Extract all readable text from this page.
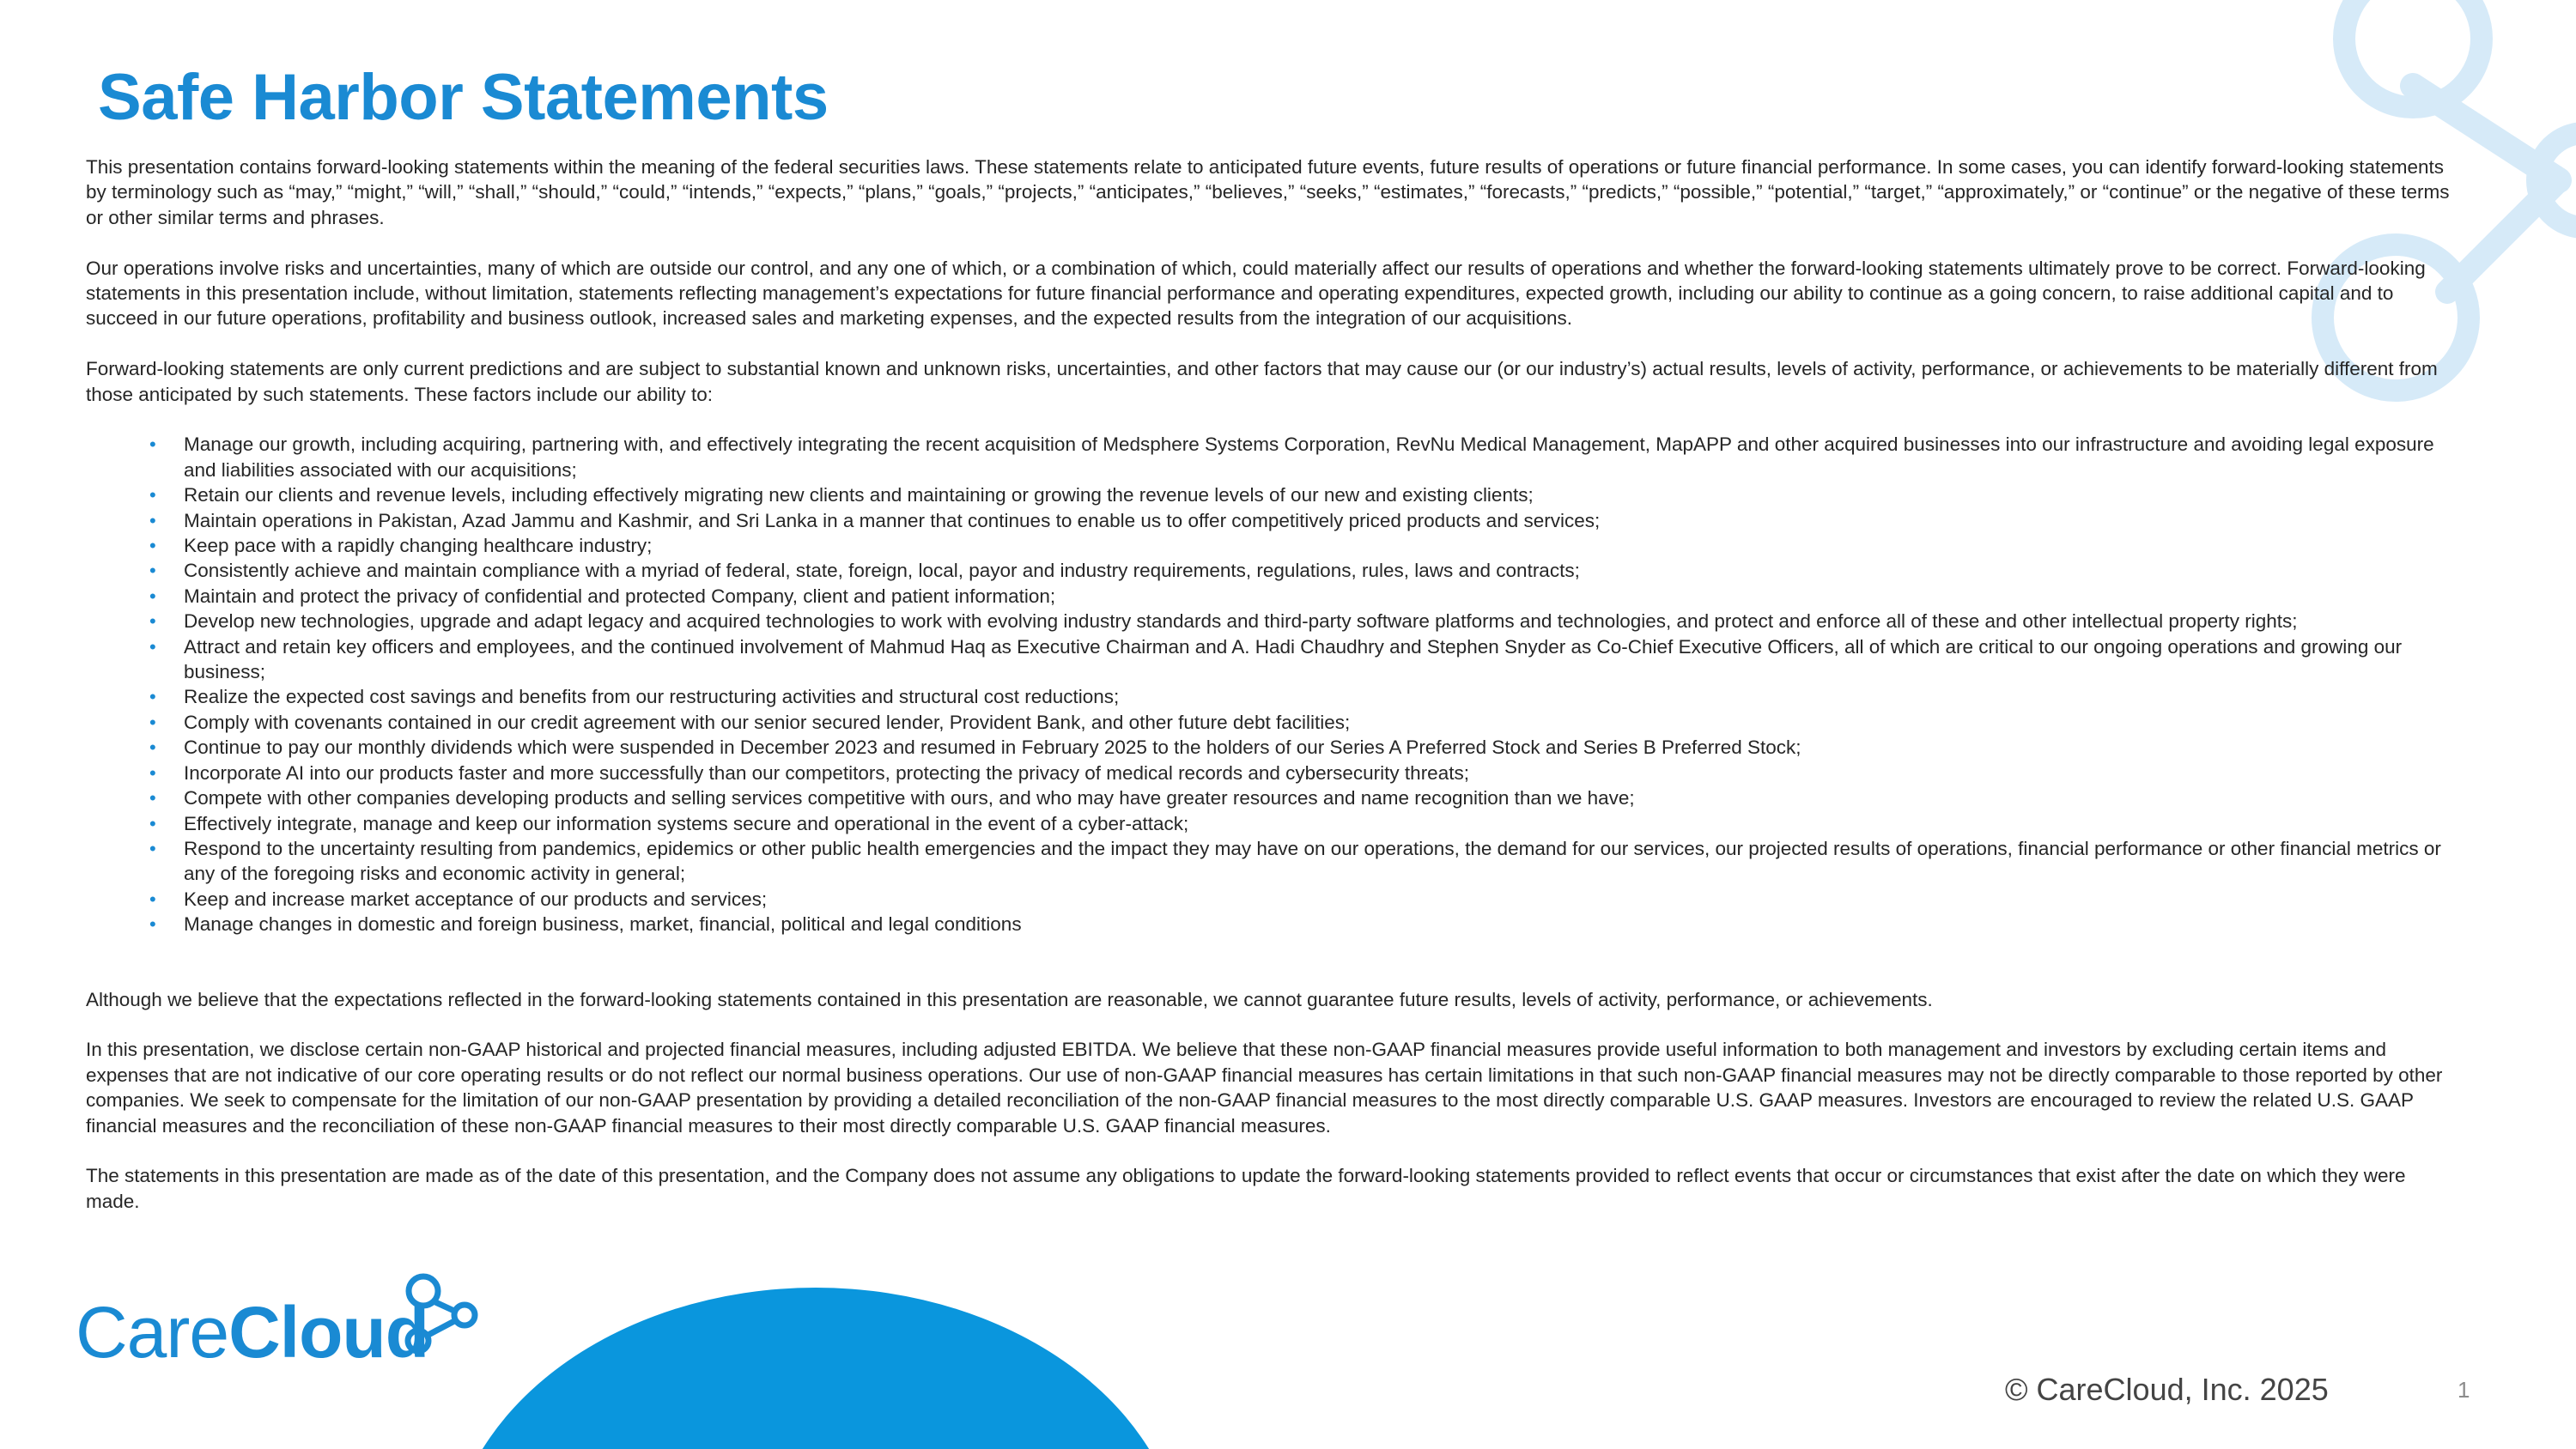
Safe Harbor Statements

This presentation contains forward-looking statements within the meaning of the federal securities laws. These statements relate to anticipated future events, future results of operations or future financial performance. In some cases, you can identify forward-looking statements by terminology such as “may,” “might,” “will,” “shall,” “should,” “could,” “intends,” “expects,” “plans,” “goals,” “projects,” “anticipates,” “believes,” “seeks,” “estimates,” “forecasts,” “predicts,” “possible,” “potential,” “target,” “approximately,” or “continue” or the negative of these terms or other similar terms and phrases.

Our operations involve risks and uncertainties, many of which are outside our control, and any one of which, or a combination of which, could materially affect our results of operations and whether the forward-looking statements ultimately prove to be correct. Forward-looking statements in this presentation include, without limitation, statements reflecting management’s expectations for future financial performance and operating expenditures, expected growth, including our ability to continue as a going concern, to raise additional capital and to succeed in our future operations, profitability and business outlook, increased sales and marketing expenses, and the expected results from the integration of our acquisitions.

Forward-looking statements are only current predictions and are subject to substantial known and unknown risks, uncertainties, and other factors that may cause our (or our industry’s) actual results, levels of activity, performance, or achievements to be materially different from those anticipated by such statements. These factors include our ability to:

• Manage our growth, including acquiring, partnering with, and effectively integrating the recent acquisition of Medsphere Systems Corporation, RevNu Medical Management, MapAPP and other acquired businesses into our infrastructure and avoiding legal exposure and liabilities associated with our acquisitions;
• Retain our clients and revenue levels, including effectively migrating new clients and maintaining or growing the revenue levels of our new and existing clients;
• Maintain operations in Pakistan, Azad Jammu and Kashmir, and Sri Lanka in a manner that continues to enable us to offer competitively priced products and services;
• Keep pace with a rapidly changing healthcare industry;
• Consistently achieve and maintain compliance with a myriad of federal, state, foreign, local, payor and industry requirements, regulations, rules, laws and contracts;
• Maintain and protect the privacy of confidential and protected Company, client and patient information;
• Develop new technologies, upgrade and adapt legacy and acquired technologies to work with evolving industry standards and third-party software platforms and technologies, and protect and enforce all of these and other intellectual property rights;
• Attract and retain key officers and employees, and the continued involvement of Mahmud Haq as Executive Chairman and A. Hadi Chaudhry and Stephen Snyder as Co-Chief Executive Officers, all of which are critical to our ongoing operations and growing our business;
• Realize the expected cost savings and benefits from our restructuring activities and structural cost reductions;
• Comply with covenants contained in our credit agreement with our senior secured lender, Provident Bank, and other future debt facilities;
• Continue to pay our monthly dividends which were suspended in December 2023 and resumed in February 2025 to the holders of our Series A Preferred Stock and Series B Preferred Stock;
• Incorporate AI into our products faster and more successfully than our competitors, protecting the privacy of medical records and cybersecurity threats;
• Compete with other companies developing products and selling services competitive with ours, and who may have greater resources and name recognition than we have;
• Effectively integrate, manage and keep our information systems secure and operational in the event of a cyber-attack;
• Respond to the uncertainty resulting from pandemics, epidemics or other public health emergencies and the impact they may have on our operations, the demand for our services, our projected results of operations, financial performance or other financial metrics or any of the foregoing risks and economic activity in general;
• Keep and increase market acceptance of our products and services;
• Manage changes in domestic and foreign business, market, financial, political and legal conditions

Although we believe that the expectations reflected in the forward-looking statements contained in this presentation are reasonable, we cannot guarantee future results, levels of activity, performance, or achievements.

In this presentation, we disclose certain non-GAAP historical and projected financial measures, including adjusted EBITDA. We believe that these non-GAAP financial measures provide useful information to both management and investors by excluding certain items and expenses that are not indicative of our core operating results or do not reflect our normal business operations. Our use of non-GAAP financial measures has certain limitations in that such non-GAAP financial measures may not be directly comparable to those reported by other companies. We seek to compensate for the limitation of our non-GAAP presentation by providing a detailed reconciliation of the non-GAAP financial measures to the most directly comparable U.S. GAAP measures. Investors are encouraged to review the related U.S. GAAP financial measures and the reconciliation of these non-GAAP financial measures to their most directly comparable U.S. GAAP financial measures.

The statements in this presentation are made as of the date of this presentation, and the Company does not assume any obligations to update the forward-looking statements provided to reflect events that occur or circumstances that exist after the date on which they were made.

CareCloud
© CareCloud, Inc. 2025	1
